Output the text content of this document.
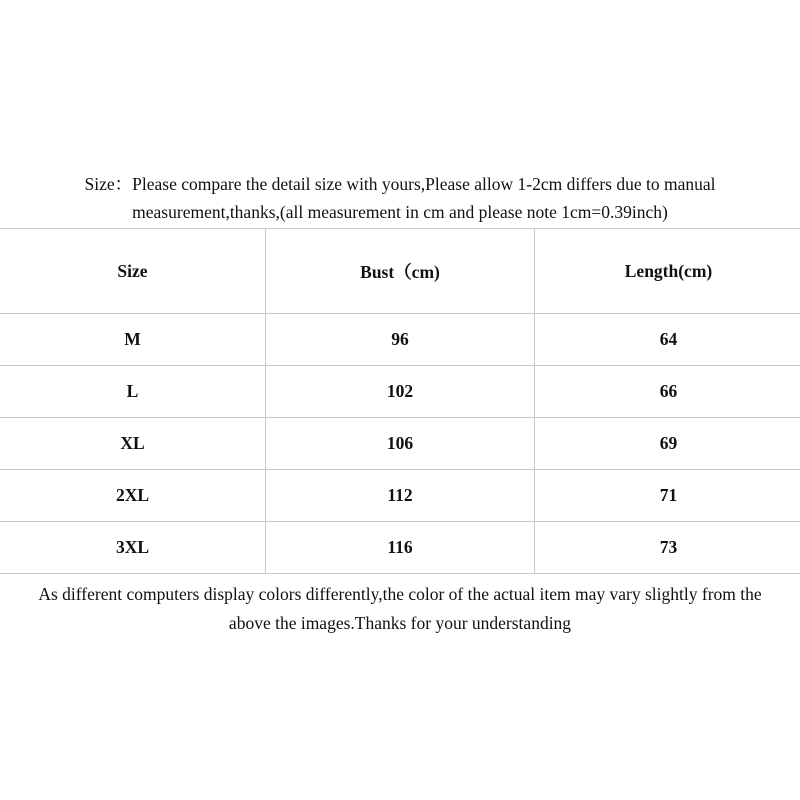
Size：Please compare the detail size with yours,Please allow 1-2cm differs due to manual
measurement,thanks,(all measurement in cm and please note 1cm=0.39inch)
Size	Bust（cm)	Length(cm)
M	96	64
L	102	66
XL	106	69
2XL	112	71
3XL	116	73
As different computers display colors differently,the color of the actual item may vary slightly from the
above the images.Thanks for your understanding
